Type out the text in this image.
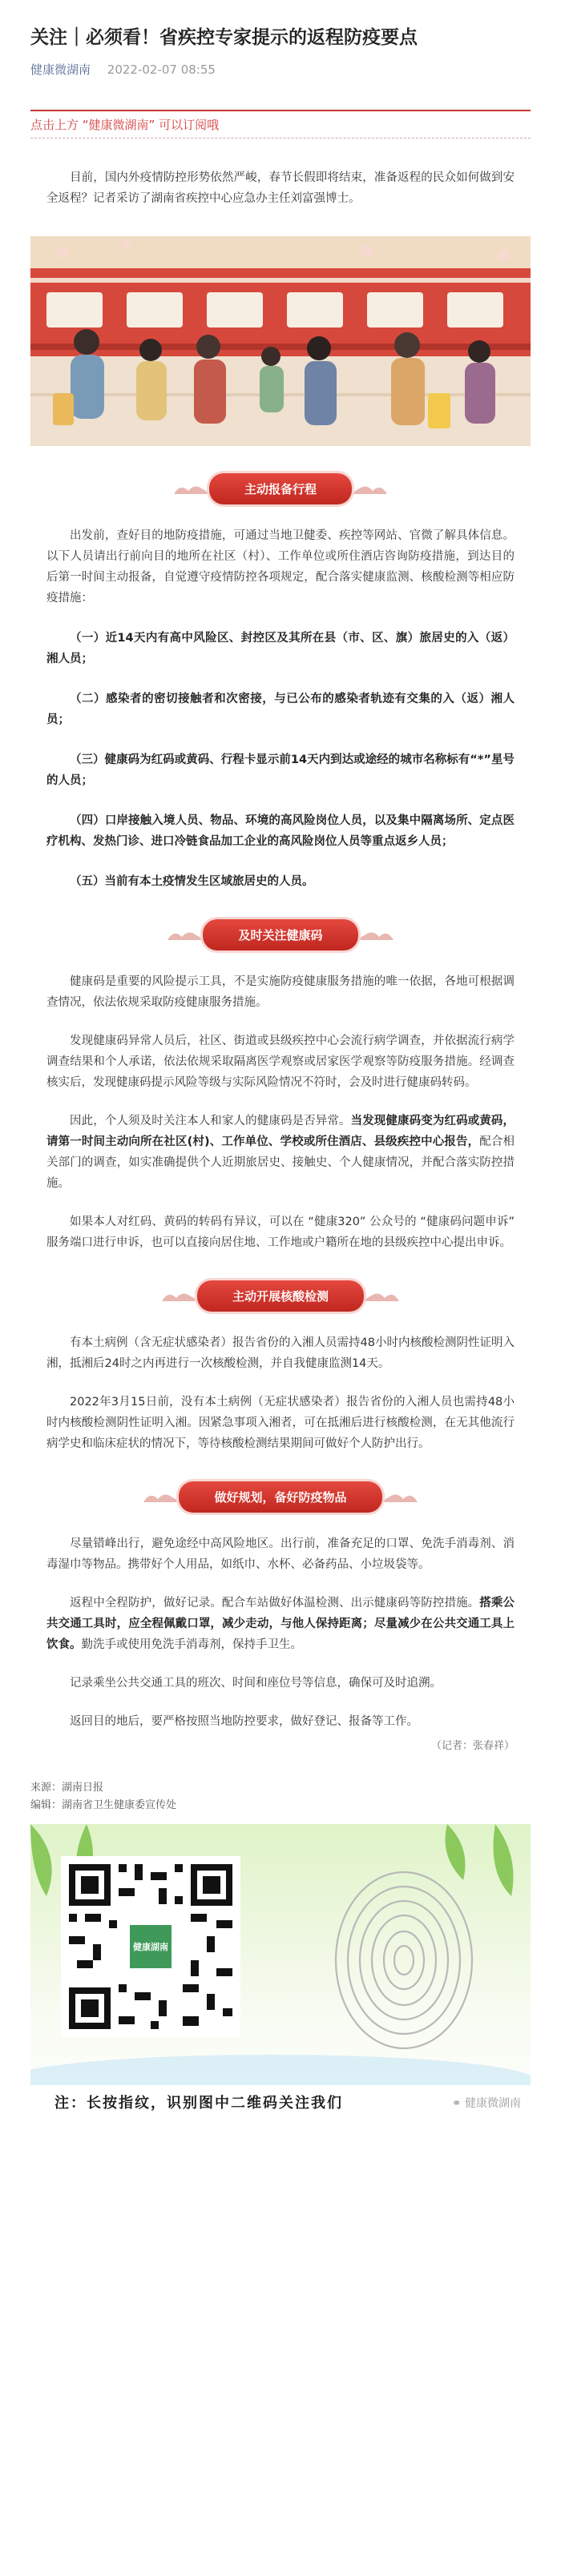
关注｜必须看！省疾控专家提示的返程防疫要点
健康微湖南 2022-02-07 08:55
点击上方 “健康微湖南” 可以订阅哦

目前，国内外疫情防控形势依然严峻，春节长假即将结束，准备返程的民众如何做到安全返程？记者采访了湖南省疾控中心应急办主任刘富强博士。

主动报备行程

出发前，查好目的地防疫措施，可通过当地卫健委、疾控等网站、官微了解具体信息。以下人员请出行前向目的地所在社区（村）、工作单位或所住酒店咨询防疫措施，到达目的后第一时间主动报备，自觉遵守疫情防控各项规定，配合落实健康监测、核酸检测等相应防疫措施：

（一）近14天内有高中风险区、封控区及其所在县（市、区、旗）旅居史的入（返）湘人员；

（二）感染者的密切接触者和次密接，与已公布的感染者轨迹有交集的入（返）湘人员；

（三）健康码为红码或黄码、行程卡显示前14天内到达或途经的城市名称标有“*”星号的人员；

（四）口岸接触入境人员、物品、环境的高风险岗位人员，以及集中隔离场所、定点医疗机构、发热门诊、进口冷链食品加工企业的高风险岗位人员等重点返乡人员；

（五）当前有本土疫情发生区域旅居史的人员。

及时关注健康码

健康码是重要的风险提示工具，不是实施防疫健康服务措施的唯一依据，各地可根据调查情况，依法依规采取防疫健康服务措施。

发现健康码异常人员后，社区、街道或县级疾控中心会流行病学调查，并依据流行病学调查结果和个人承诺，依法依规采取隔离医学观察或居家医学观察等防疫服务措施。经调查核实后，发现健康码提示风险等级与实际风险情况不符时，会及时进行健康码转码。

因此，个人须及时关注本人和家人的健康码是否异常。当发现健康码变为红码或黄码，请第一时间主动向所在社区(村)、工作单位、学校或所住酒店、县级疾控中心报告，配合相关部门的调查，如实准确提供个人近期旅居史、接触史、个人健康情况，并配合落实防控措施。

如果本人对红码、黄码的转码有异议，可以在 “健康320” 公众号的 “健康码问题申诉” 服务端口进行申诉，也可以直接向居住地、工作地或户籍所在地的县级疾控中心提出申诉。

主动开展核酸检测

有本土病例（含无症状感染者）报告省份的入湘人员需持48小时内核酸检测阴性证明入湘，抵湘后24时之内再进行一次核酸检测，并自我健康监测14天。

2022年3月15日前，没有本土病例（无症状感染者）报告省份的入湘人员也需持48小时内核酸检测阴性证明入湘。因紧急事项入湘者，可在抵湘后进行核酸检测，在无其他流行病学史和临床症状的情况下，等待核酸检测结果期间可做好个人防护出行。

做好规划，备好防疫物品

尽量错峰出行，避免途经中高风险地区。出行前，准备充足的口罩、免洗手消毒剂、消毒湿巾等物品。携带好个人用品，如纸巾、水杯、必备药品、小垃圾袋等。

返程中全程防护，做好记录。配合车站做好体温检测、出示健康码等防控措施。搭乘公共交通工具时，应全程佩戴口罩，减少走动，与他人保持距离；尽量减少在公共交通工具上饮食。勤洗手或使用免洗手消毒剂，保持手卫生。

记录乘坐公共交通工具的班次、时间和座位号等信息，确保可及时追溯。

返回目的地后，要严格按照当地防控要求，做好登记、报备等工作。

（记者：张春祥）
来源：湖南日报
编辑：湖南省卫生健康委宣传处
健康湖南
注：长按指纹，识别图中二维码关注我们	⚭ 健康微湖南
